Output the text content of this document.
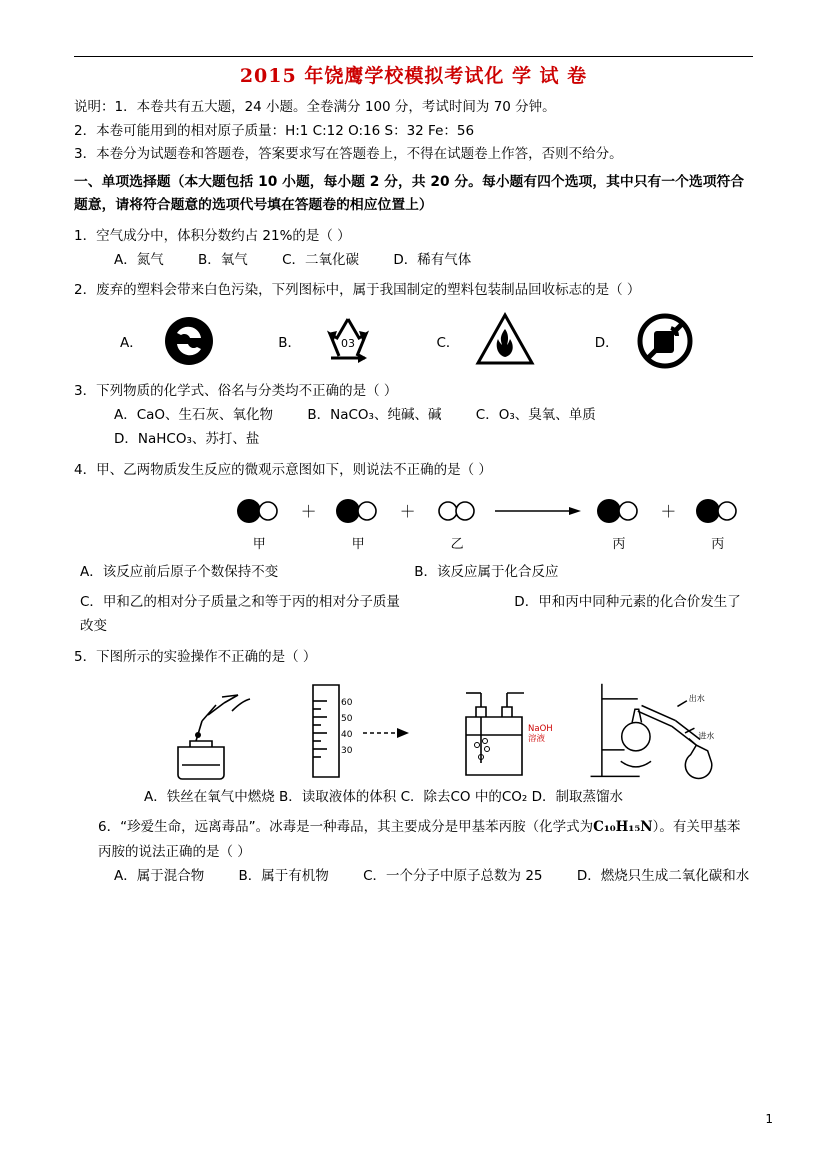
2015 年饶鹰学校模拟考试化 学 试 卷
说明：1．本卷共有五大题，24 小题。全卷满分 100 分，考试时间为 70 分钟。
2．本卷可能用到的相对原子质量：H:1 C:12 O:16 S：32 Fe：56
3．本卷分为试题卷和答题卷，答案要求写在答题卷上，不得在试题卷上作答，否则不给分。
一、单项选择题（本大题包括 10 小题，每小题 2 分，共 20 分。每小题有四个选项，其中只有一个选项符合题意，请将符合题意的选项代号填在答题卷的相应位置上）
1．空气成分中，体积分数约占 21%的是（ ）
A．氮气	B．氧气	C．二氧化碳	D．稀有气体
2．废弃的塑料会带来白色污染，下列图标中，属于我国制定的塑料包装制品回收标志的是（ ）
A．	B．	03	C．	D．
3．下列物质的化学式、俗名与分类均不正确的是（ ）
A．CaO、生石灰、氧化物	B．NaCO₃、纯碱、碱	C．O₃、臭氧、单质 D．NaHCO₃、苏打、盐
4．甲、乙两物质发生反应的微观示意图如下，则说法不正确的是（ ）
＋	＋	＋
甲	甲	乙	丙	丙
A．该反应前后原子个数保持不变	B．该反应属于化合反应
C．甲和乙的相对分子质量之和等于丙的相对分子质量	D．甲和丙中同种元素的化合价发生了改变
5．下图所示的实验操作不正确的是（ ）
60
50
40
30
NaOH
溶液
出水
进水
A．铁丝在氧气中燃烧 B．读取液体的体积 C．除去CO 中的CO₂ D．制取蒸馏水
6．“珍爱生命，远离毒品”。冰毒是一种毒品，其主要成分是甲基苯丙胺（化学式为C₁₀H₁₅N）。有关甲基苯丙胺的说法正确的是（ ）
A．属于混合物	B．属于有机物	C．一个分子中原子总数为 25	D．燃烧只生成二氧化碳和水
1
